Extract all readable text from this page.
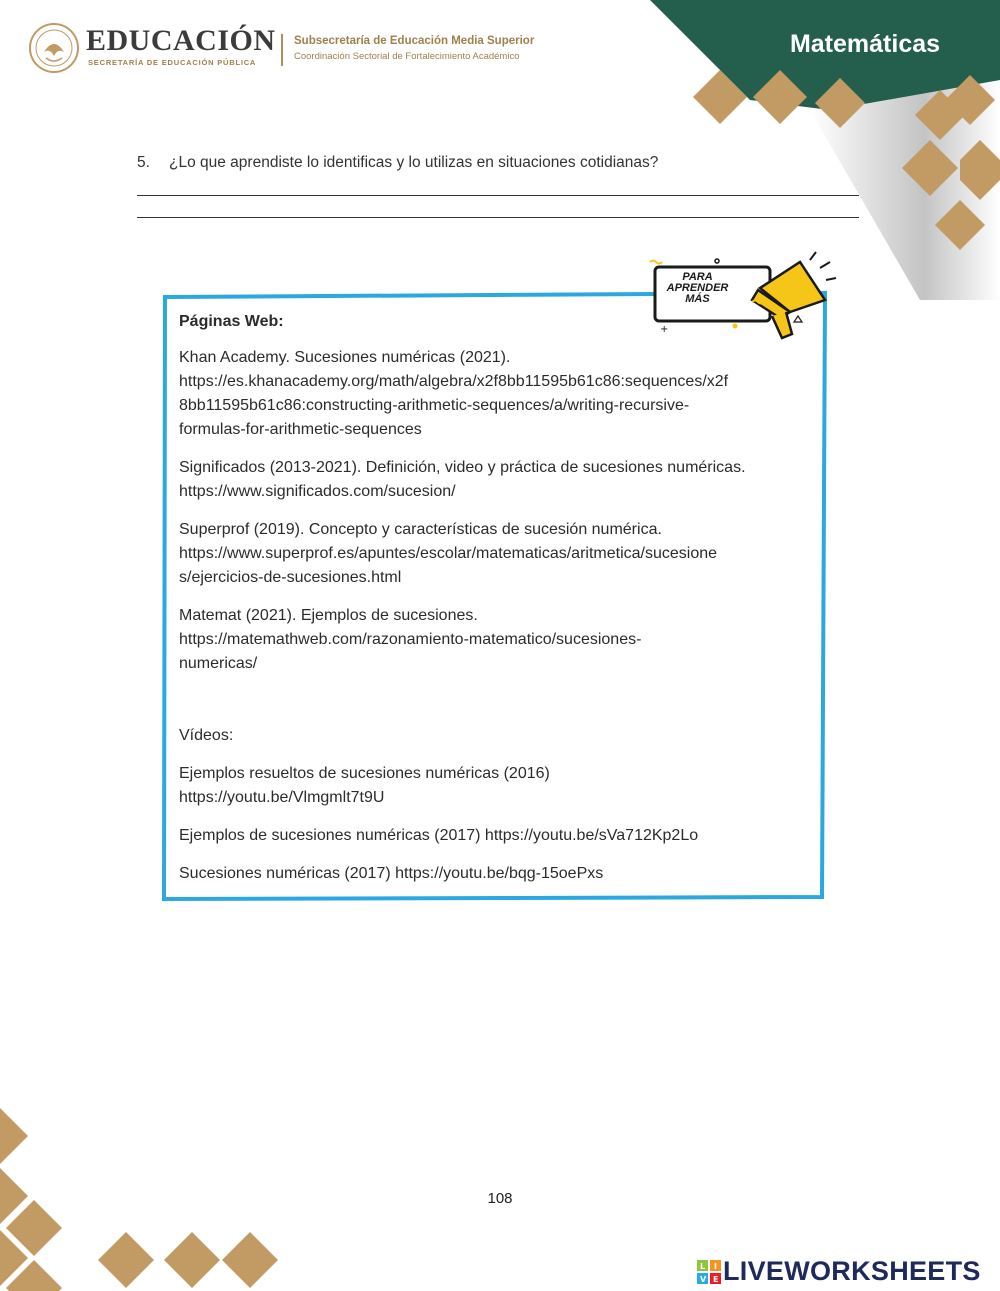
EDUCACIÓN
SECRETARÍA DE EDUCACIÓN PÚBLICA
Subsecretaría de Educación Media Superior
Coordinación Sectorial de Fortalecimiento Académico	Matemáticas
5. ¿Lo que aprendiste lo identificas y lo utilizas en situaciones cotidianas?
+
PARA
APRENDER
MÁS

Páginas Web:

Khan Academy. Sucesiones numéricas (2021).
https://es.khanacademy.org/math/algebra/x2f8bb11595b61c86:sequences/x2f
8bb11595b61c86:constructing-arithmetic-sequences/a/writing-recursive-
formulas-for-arithmetic-sequences

Significados (2013-2021). Definición, video y práctica de sucesiones numéricas.
https://www.significados.com/sucesion/

Superprof (2019). Concepto y características de sucesión numérica.
https://www.superprof.es/apuntes/escolar/matematicas/aritmetica/sucesione
s/ejercicios-de-sucesiones.html

Matemat (2021). Ejemplos de sucesiones.
https://matemathweb.com/razonamiento-matematico/sucesiones-
numericas/

Vídeos:

Ejemplos resueltos de sucesiones numéricas (2016)
https://youtu.be/Vlmgmlt7t9U

Ejemplos de sucesiones numéricas (2017) https://youtu.be/sVa712Kp2Lo

Sucesiones numéricas (2017) https://youtu.be/bqg-15oePxs

108
L I
V E LIVEWORKSHEETS
